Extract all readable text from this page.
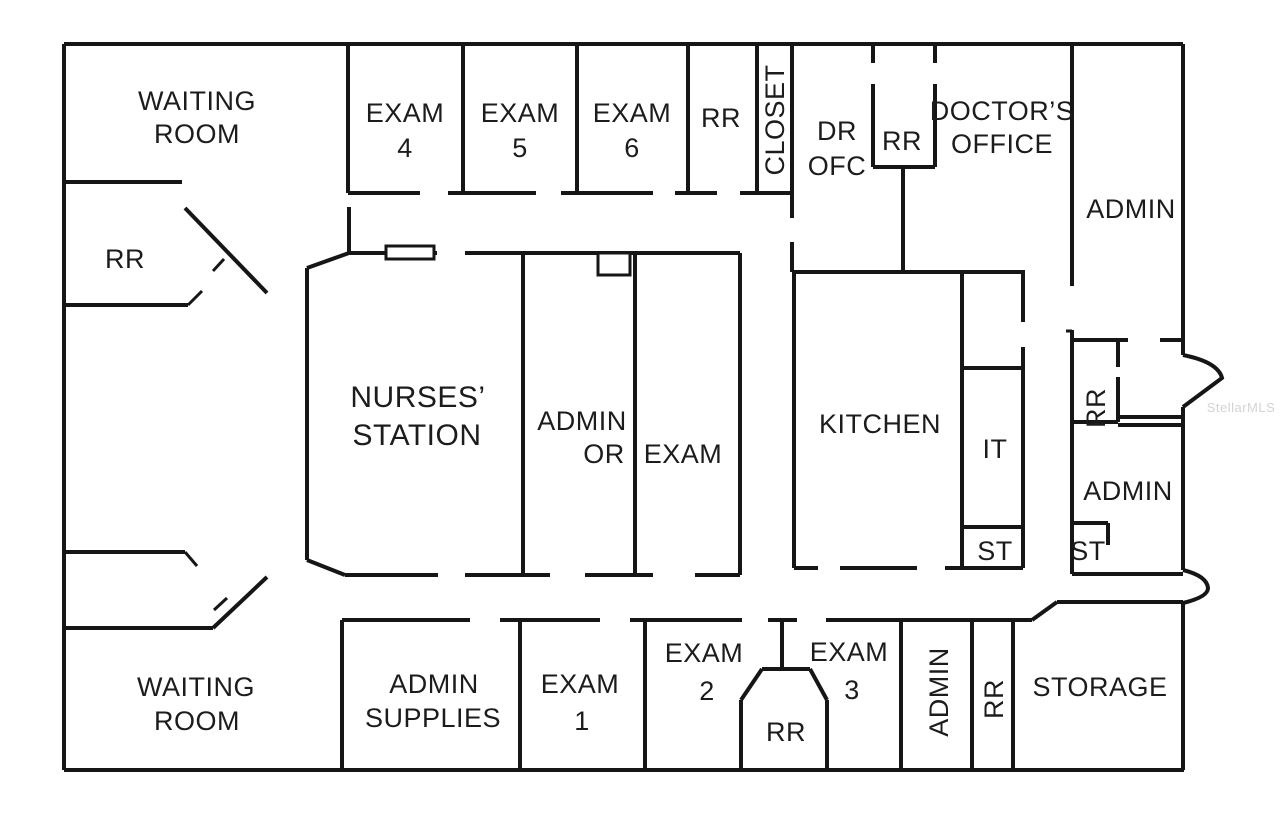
WAITING
ROOM
RR
EXAM
4
EXAM
5
EXAM
6
RR CLOSET DR
OFC
RR
DOCTOR’S
OFFICE
ADMIN
NURSES’
STATION ADMIN
OR EXAM
KITCHEN
IT
ST
RR
ADMIN
ST
WAITING
ROOM
ADMIN
SUPPLIES
EXAM
1
EXAM
2
RR
EXAM
3 ADMIN RR STORAGE
StellarMLS
